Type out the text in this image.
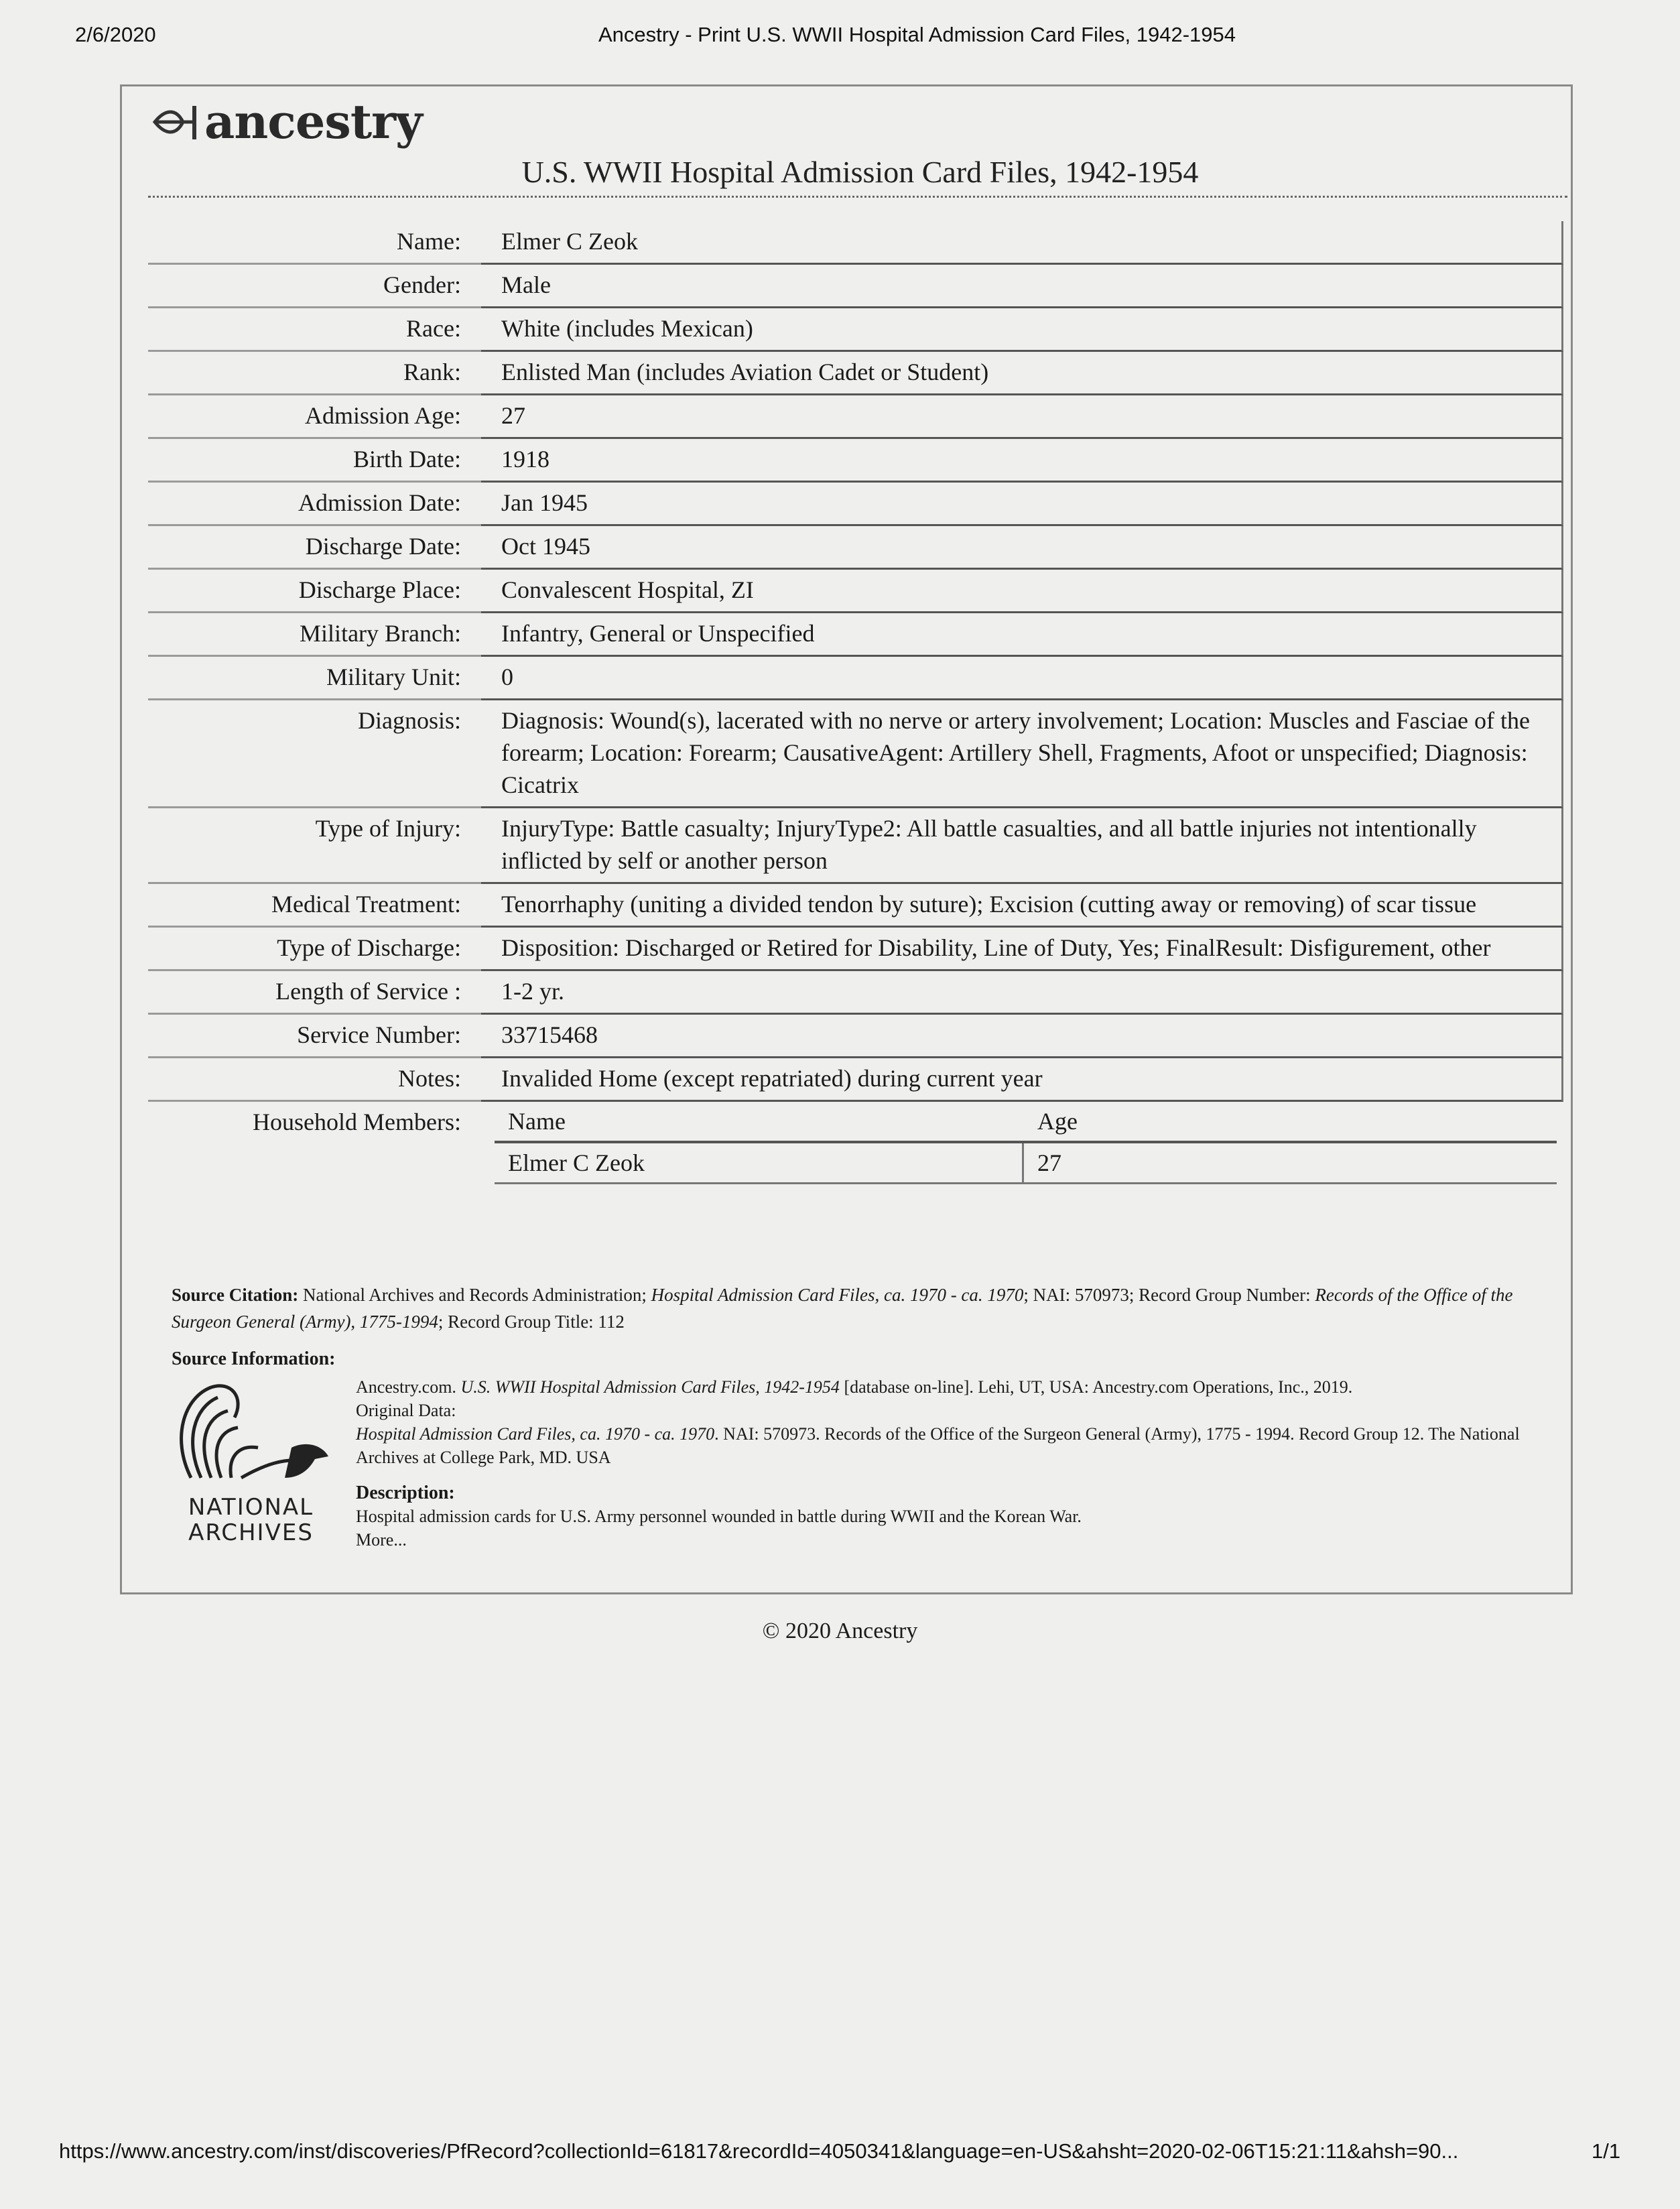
2/6/2020	Ancestry - Print U.S. WWII Hospital Admission Card Files, 1942-1954
ancestry
U.S. WWII Hospital Admission Card Files, 1942-1954
Name:	Elmer C Zeok
Gender:	Male
Race:	White (includes Mexican)
Rank:	Enlisted Man (includes Aviation Cadet or Student)
Admission Age:	27
Birth Date:	1918
Admission Date:	Jan 1945
Discharge Date:	Oct 1945
Discharge Place:	Convalescent Hospital, ZI
Military Branch:	Infantry, General or Unspecified
Military Unit:	0
Diagnosis:	Diagnosis: Wound(s), lacerated with no nerve or artery involvement; Location: Muscles and Fasciae of the forearm; Location: Forearm; CausativeAgent: Artillery Shell, Fragments, Afoot or unspecified; Diagnosis: Cicatrix
Type of Injury:	InjuryType: Battle casualty; InjuryType2: All battle casualties, and all battle injuries not intentionally inflicted by self or another person
Medical Treatment:	Tenorrhaphy (uniting a divided tendon by suture); Excision (cutting away or removing) of scar tissue
Type of Discharge:	Disposition: Discharged or Retired for Disability, Line of Duty, Yes; FinalResult: Disfigurement, other
Length of Service :	1-2 yr.
Service Number:	33715468
Notes:	Invalided Home (except repatriated) during current year
Household Members:	Name	Age
Elmer C Zeok	27
Source Citation: National Archives and Records Administration; Hospital Admission Card Files, ca. 1970 - ca. 1970; NAI: 570973; Record Group Number: Records of the Office of the Surgeon General (Army), 1775-1994; Record Group Title: 112
Source Information:
NATIONAL
ARCHIVES
Ancestry.com. U.S. WWII Hospital Admission Card Files, 1942-1954 [database on-line]. Lehi, UT, USA: Ancestry.com Operations, Inc., 2019.
Original Data:
Hospital Admission Card Files, ca. 1970 - ca. 1970. NAI: 570973. Records of the Office of the Surgeon General (Army), 1775 - 1994. Record Group 12. The National Archives at College Park, MD. USA
Description:
Hospital admission cards for U.S. Army personnel wounded in battle during WWII and the Korean War.
More...
© 2020 Ancestry
https://www.ancestry.com/inst/discoveries/PfRecord?collectionId=61817&recordId=4050341&language=en-US&ahsht=2020-02-06T15:21:11&ahsh=90...	1/1
